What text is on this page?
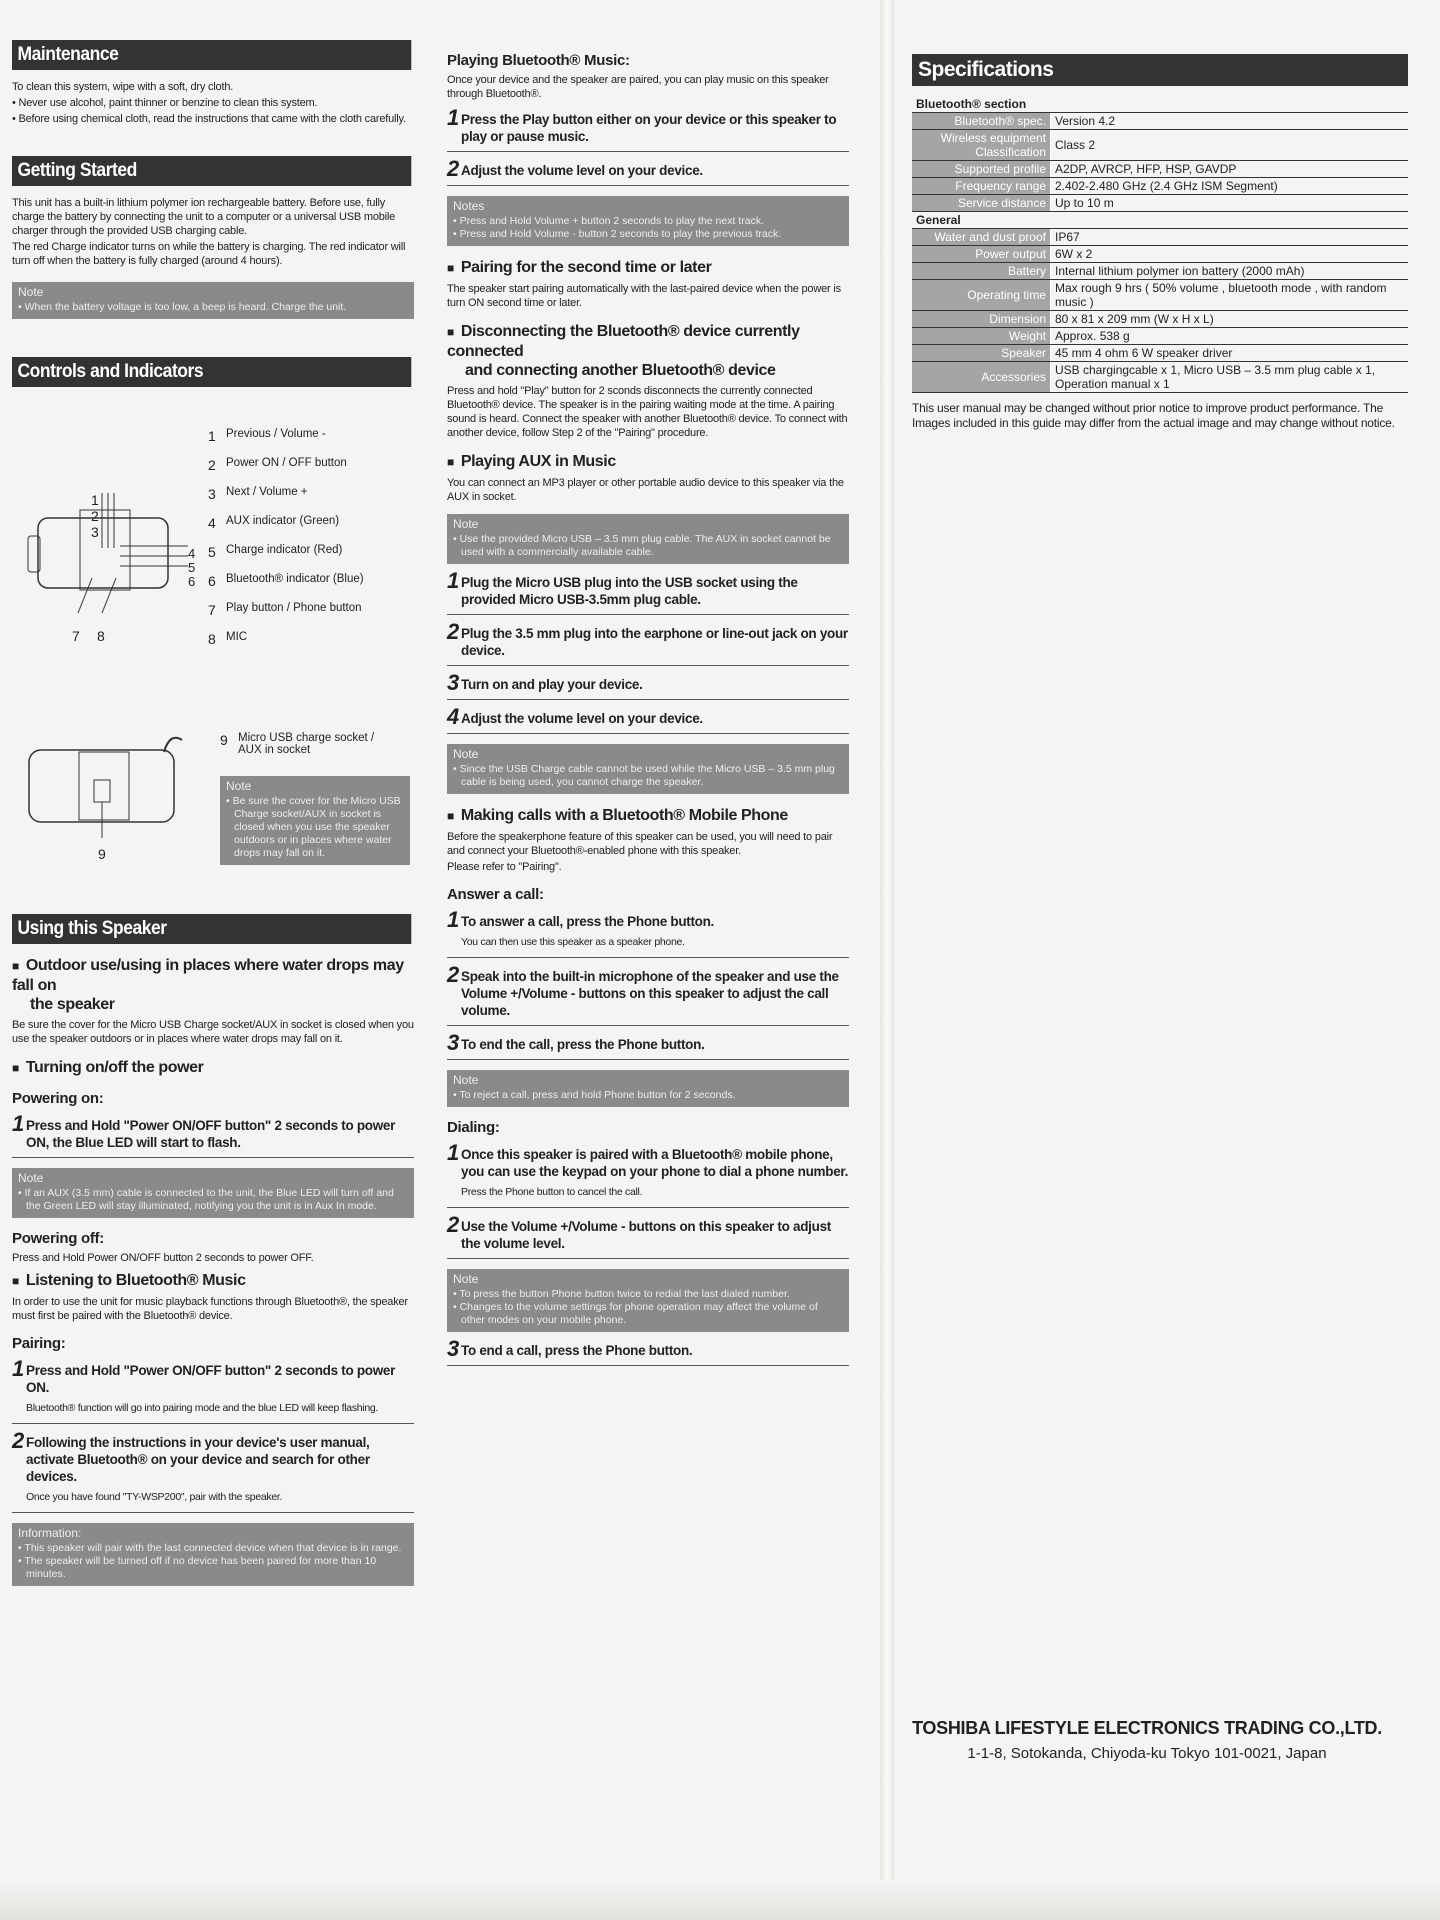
Maintenance

To clean this system, wipe with a soft, dry cloth.

• Never use alcohol, paint thinner or benzine to clean this system.

• Before using chemical cloth, read the instructions that came with the cloth carefully.

Getting Started

This unit has a built-in lithium polymer ion rechargeable battery. Before use, fully charge the battery by connecting the unit to a computer or a universal USB mobile charger through the provided USB charging cable.

The red Charge indicator turns on while the battery is charging. The red indicator will turn off when the battery is fully charged (around 4 hours).

Note
• When the battery voltage is too low, a beep is heard. Charge the unit.
Controls and Indicators
1 2 3
4
5
6
7 8
1 Previous / Volume -
2 Power ON / OFF button
3 Next / Volume +
4 AUX indicator (Green)
5 Charge indicator (Red)
6 Bluetooth® indicator (Blue)
7 Play button / Phone button
8 MIC
9
9 Micro USB charge socket / AUX in socket
Note
• Be sure the cover for the Micro USB Charge socket/AUX in socket is closed when you use the speaker outdoors or in places where water drops may fall on it.
Using this Speaker
■ Outdoor use/using in places where water drops may fall on
the speaker

Be sure the cover for the Micro USB Charge socket/AUX in socket is closed when you use the speaker outdoors or in places where water drops may fall on it.

■ Turning on/off the power
Powering on:
1 Press and Hold "Power ON/OFF button" 2 seconds to power ON, the Blue LED will start to flash.
Note
• If an AUX (3.5 mm) cable is connected to the unit, the Blue LED will turn off and the Green LED will stay illuminated, notifying you the unit is in Aux In mode.
Powering off:

Press and Hold Power ON/OFF button 2 seconds to power OFF.

■ Listening to Bluetooth® Music

In order to use the unit for music playback functions through Bluetooth®, the speaker must first be paired with the Bluetooth® device.

Pairing:
1 Press and Hold "Power ON/OFF button" 2 seconds to power ON.
Bluetooth® function will go into pairing mode and the blue LED will keep flashing.
2 Following the instructions in your device's user manual, activate Bluetooth® on your device and search for other devices.
Once you have found "TY-WSP200", pair with the speaker.
Information:
• This speaker will pair with the last connected device when that device is in range.
• The speaker will be turned off if no device has been paired for more than 10 minutes.
Playing Bluetooth® Music:

Once your device and the speaker are paired, you can play music on this speaker through Bluetooth®.

1 Press the Play button either on your device or this speaker to play or pause music.
2 Adjust the volume level on your device.
Notes
• Press and Hold Volume + button 2 seconds to play the next track.
• Press and Hold Volume - button 2 seconds to play the previous track.
■ Pairing for the second time or later

The speaker start pairing automatically with the last-paired device when the power is turn ON second time or later.

■ Disconnecting the Bluetooth® device currently connected
and connecting another Bluetooth® device

Press and hold "Play" button for 2 sconds disconnects the currently connected Bluetooth® device. The speaker is in the pairing waiting mode at the time. A pairing sound is heard. Connect the speaker with another Bluetooth® device. To connect with another device, follow Step 2 of the "Pairing" procedure.

■ Playing AUX in Music

You can connect an MP3 player or other portable audio device to this speaker via the AUX in socket.

Note
• Use the provided Micro USB – 3.5 mm plug cable. The AUX in socket cannot be used with a commercially available cable.
1 Plug the Micro USB plug into the USB socket using the provided Micro USB-3.5mm plug cable.
2 Plug the 3.5 mm plug into the earphone or line-out jack on your device.
3 Turn on and play your device.
4 Adjust the volume level on your device.
Note
• Since the USB Charge cable cannot be used while the Micro USB – 3.5 mm plug cable is being used, you cannot charge the speaker.
■ Making calls with a Bluetooth® Mobile Phone

Before the speakerphone feature of this speaker can be used, you will need to pair and connect your Bluetooth®-enabled phone with this speaker.

Please refer to "Pairing".

Answer a call:
1 To answer a call, press the Phone button.
You can then use this speaker as a speaker phone.
2 Speak into the built-in microphone of the speaker and use the Volume +/Volume - buttons on this speaker to adjust the call volume.
3 To end the call, press the Phone button.
Note
• To reject a call, press and hold Phone button for 2 seconds.
Dialing:
1 Once this speaker is paired with a Bluetooth® mobile phone, you can use the keypad on your phone to dial a phone number.
Press the Phone button to cancel the call.
2 Use the Volume +/Volume - buttons on this speaker to adjust the volume level.
Note
• To press the button Phone button twice to redial the last dialed number.
• Changes to the volume settings for phone operation may affect the volume of other modes on your mobile phone.
3 To end a call, press the Phone button.
Specifications
Bluetooth® section	
Bluetooth® spec.	Version 4.2
Wireless equipment Classification	Class 2
Supported profile	A2DP, AVRCP, HFP, HSP, GAVDP
Frequency range	2.402-2.480 GHz (2.4 GHz ISM Segment)
Service distance	Up to 10 m
General	
Water and dust proof	IP67
Power output	6W x 2
Battery	Internal lithium polymer ion battery (2000 mAh)
Operating time	Max rough 9 hrs ( 50% volume , bluetooth mode , with random music )
Dimension	80 x 81 x 209 mm (W x H x L)
Weight	Approx. 538 g
Speaker	45 mm 4 ohm 6 W speaker driver
Accessories	USB chargingcable x 1, Micro USB – 3.5 mm plug cable x 1, Operation manual x 1

This user manual may be changed without prior notice to improve product performance. The Images included in this guide may differ from the actual image and may change without notice.

TOSHIBA LIFESTYLE ELECTRONICS TRADING CO.,LTD.
1-1-8, Sotokanda, Chiyoda-ku Tokyo 101-0021, Japan
